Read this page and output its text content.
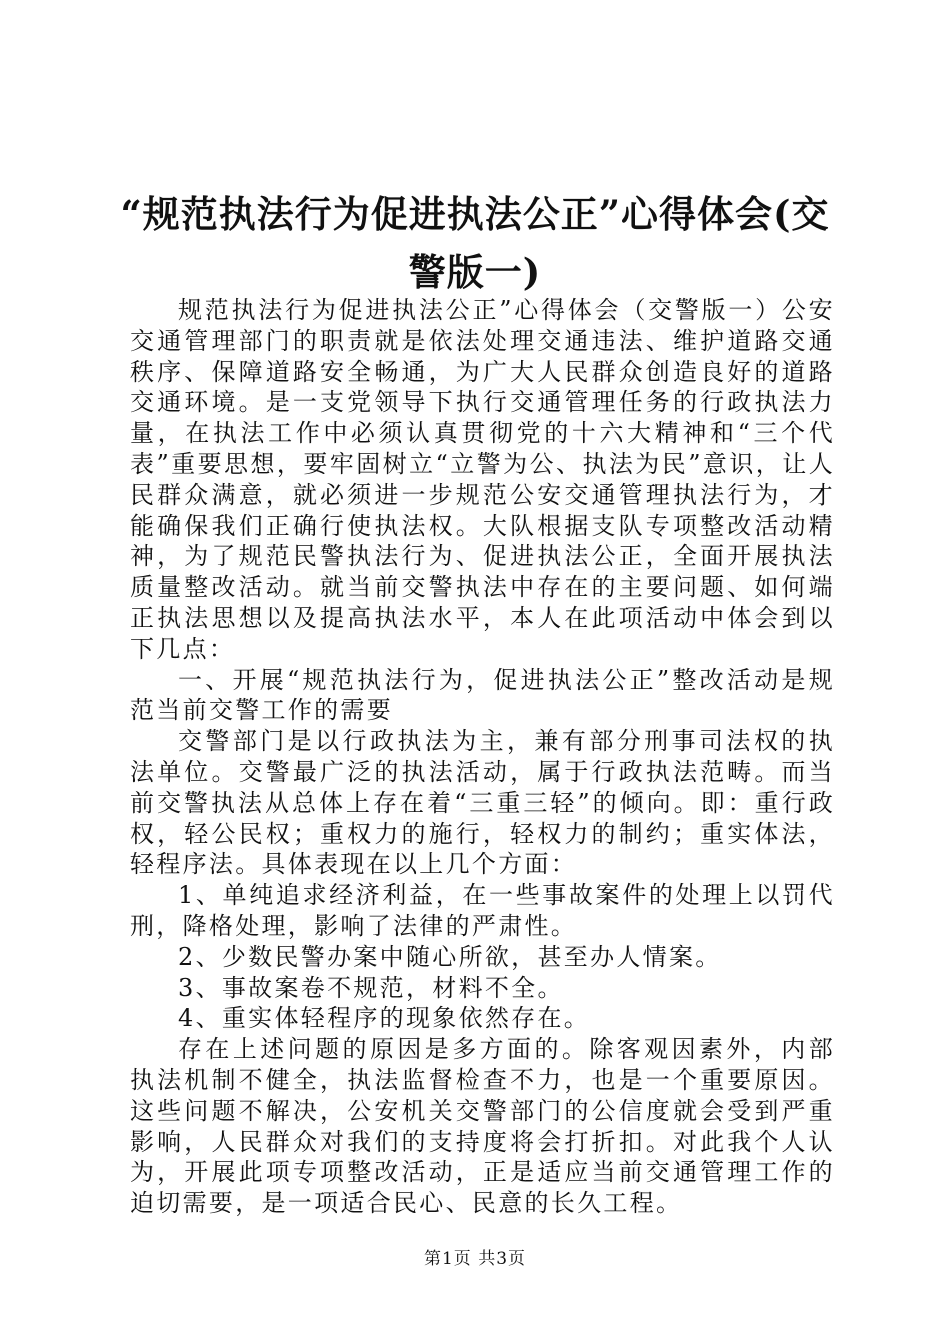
“规范执法行为促进执法公正”心得体会(交警版一)

规范执法行为促进执法公正”心得体会（交警版一）公安交通管理部门的职责就是依法处理交通违法、维护道路交通秩序、保障道路安全畅通，为广大人民群众创造良好的道路交通环境。是一支党领导下执行交通管理任务的行政执法力量，在执法工作中必须认真贯彻党的十六大精神和“三个代表”重要思想，要牢固树立“立警为公、执法为民”意识，让人民群众满意，就必须进一步规范公安交通管理执法行为，才能确保我们正确行使执法权。大队根据支队专项整改活动精神，为了规范民警执法行为、促进执法公正，全面开展执法质量整改活动。就当前交警执法中存在的主要问题、如何端正执法思想以及提高执法水平，本人在此项活动中体会到以下几点：

一、开展“规范执法行为，促进执法公正”整改活动是规范当前交警工作的需要

交警部门是以行政执法为主，兼有部分刑事司法权的执法单位。交警最广泛的执法活动，属于行政执法范畴。而当前交警执法从总体上存在着“三重三轻”的倾向。即：重行政权，轻公民权；重权力的施行，轻权力的制约；重实体法，轻程序法。具体表现在以上几个方面：

1、单纯追求经济利益，在一些事故案件的处理上以罚代刑，降格处理，影响了法律的严肃性。

2、少数民警办案中随心所欲，甚至办人情案。

3、事故案卷不规范，材料不全。

4、重实体轻程序的现象依然存在。

存在上述问题的原因是多方面的。除客观因素外，内部执法机制不健全，执法监督检查不力，也是一个重要原因。这些问题不解决，公安机关交警部门的公信度就会受到严重影响，人民群众对我们的支持度将会打折扣。对此我个人认为，开展此项专项整改活动，正是适应当前交通管理工作的迫切需要，是一项适合民心、民意的长久工程。

第1页 共3页
